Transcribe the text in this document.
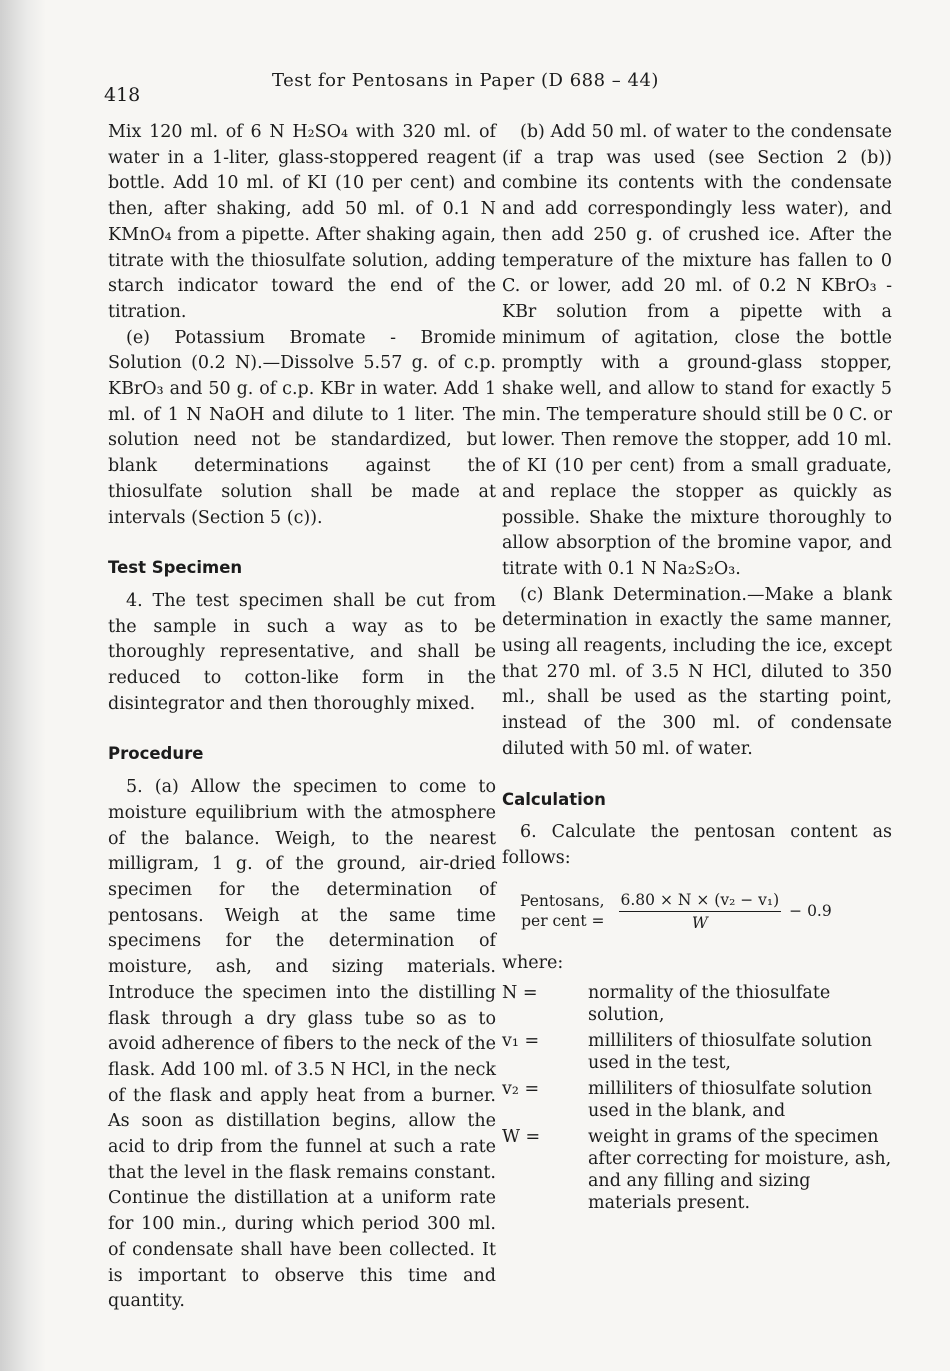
418
Test for Pentosans in Paper (D 688 – 44)

Mix 120 ml. of 6 N H₂SO₄ with 320 ml. of water in a 1-liter, glass-stoppered reagent bottle. Add 10 ml. of KI (10 per cent) and then, after shaking, add 50 ml. of 0.1 N KMnO₄ from a pipette. After shaking again, titrate with the thiosulfate solution, adding starch indicator toward the end of the titration.

(e) Potassium Bromate - Bromide Solution (0.2 N).—Dissolve 5.57 g. of c.p. KBrO₃ and 50 g. of c.p. KBr in water. Add 1 ml. of 1 N NaOH and dilute to 1 liter. The solution need not be standardized, but blank determinations against the thiosulfate solution shall be made at intervals (Section 5 (c)).

Test Specimen

4. The test specimen shall be cut from the sample in such a way as to be thoroughly representative, and shall be reduced to cotton-like form in the disintegrator and then thoroughly mixed.

Procedure

5. (a) Allow the specimen to come to moisture equilibrium with the atmosphere of the balance. Weigh, to the nearest milligram, 1 g. of the ground, air-dried specimen for the determination of pentosans. Weigh at the same time specimens for the determination of moisture, ash, and sizing materials. Introduce the specimen into the distilling flask through a dry glass tube so as to avoid adherence of fibers to the neck of the flask. Add 100 ml. of 3.5 N HCl, in the neck of the flask and apply heat from a burner. As soon as distillation begins, allow the acid to drip from the funnel at such a rate that the level in the flask remains constant. Continue the distillation at a uniform rate for 100 min., during which period 300 ml. of condensate shall have been collected. It is important to observe this time and quantity.

(b) Add 50 ml. of water to the condensate (if a trap was used (see Section 2 (b)) combine its contents with the condensate and add correspondingly less water), and then add 250 g. of crushed ice. After the temperature of the mixture has fallen to 0 C. or lower, add 20 ml. of 0.2 N KBrO₃ - KBr solution from a pipette with a minimum of agitation, close the bottle promptly with a ground-glass stopper, shake well, and allow to stand for exactly 5 min. The temperature should still be 0 C. or lower. Then remove the stopper, add 10 ml. of KI (10 per cent) from a small graduate, and replace the stopper as quickly as possible. Shake the mixture thoroughly to allow absorption of the bromine vapor, and titrate with 0.1 N Na₂S₂O₃.

(c) Blank Determination.—Make a blank determination in exactly the same manner, using all reagents, including the ice, except that 270 ml. of 3.5 N HCl, diluted to 350 ml., shall be used as the starting point, instead of the 300 ml. of condensate diluted with 50 ml. of water.

Calculation

6. Calculate the pentosan content as follows:

Pentosans,
per cent = $\frac{\text{6.80 × N × (v₂ − v₁)}}{W} - 0.9$

where:

N =	normality of the thiosulfate solution,
v₁ =	milliliters of thiosulfate solution used in the test,
v₂ =	milliliters of thiosulfate solution used in the blank, and
W =	weight in grams of the specimen after correcting for moisture, ash, and any filling and sizing materials present.
